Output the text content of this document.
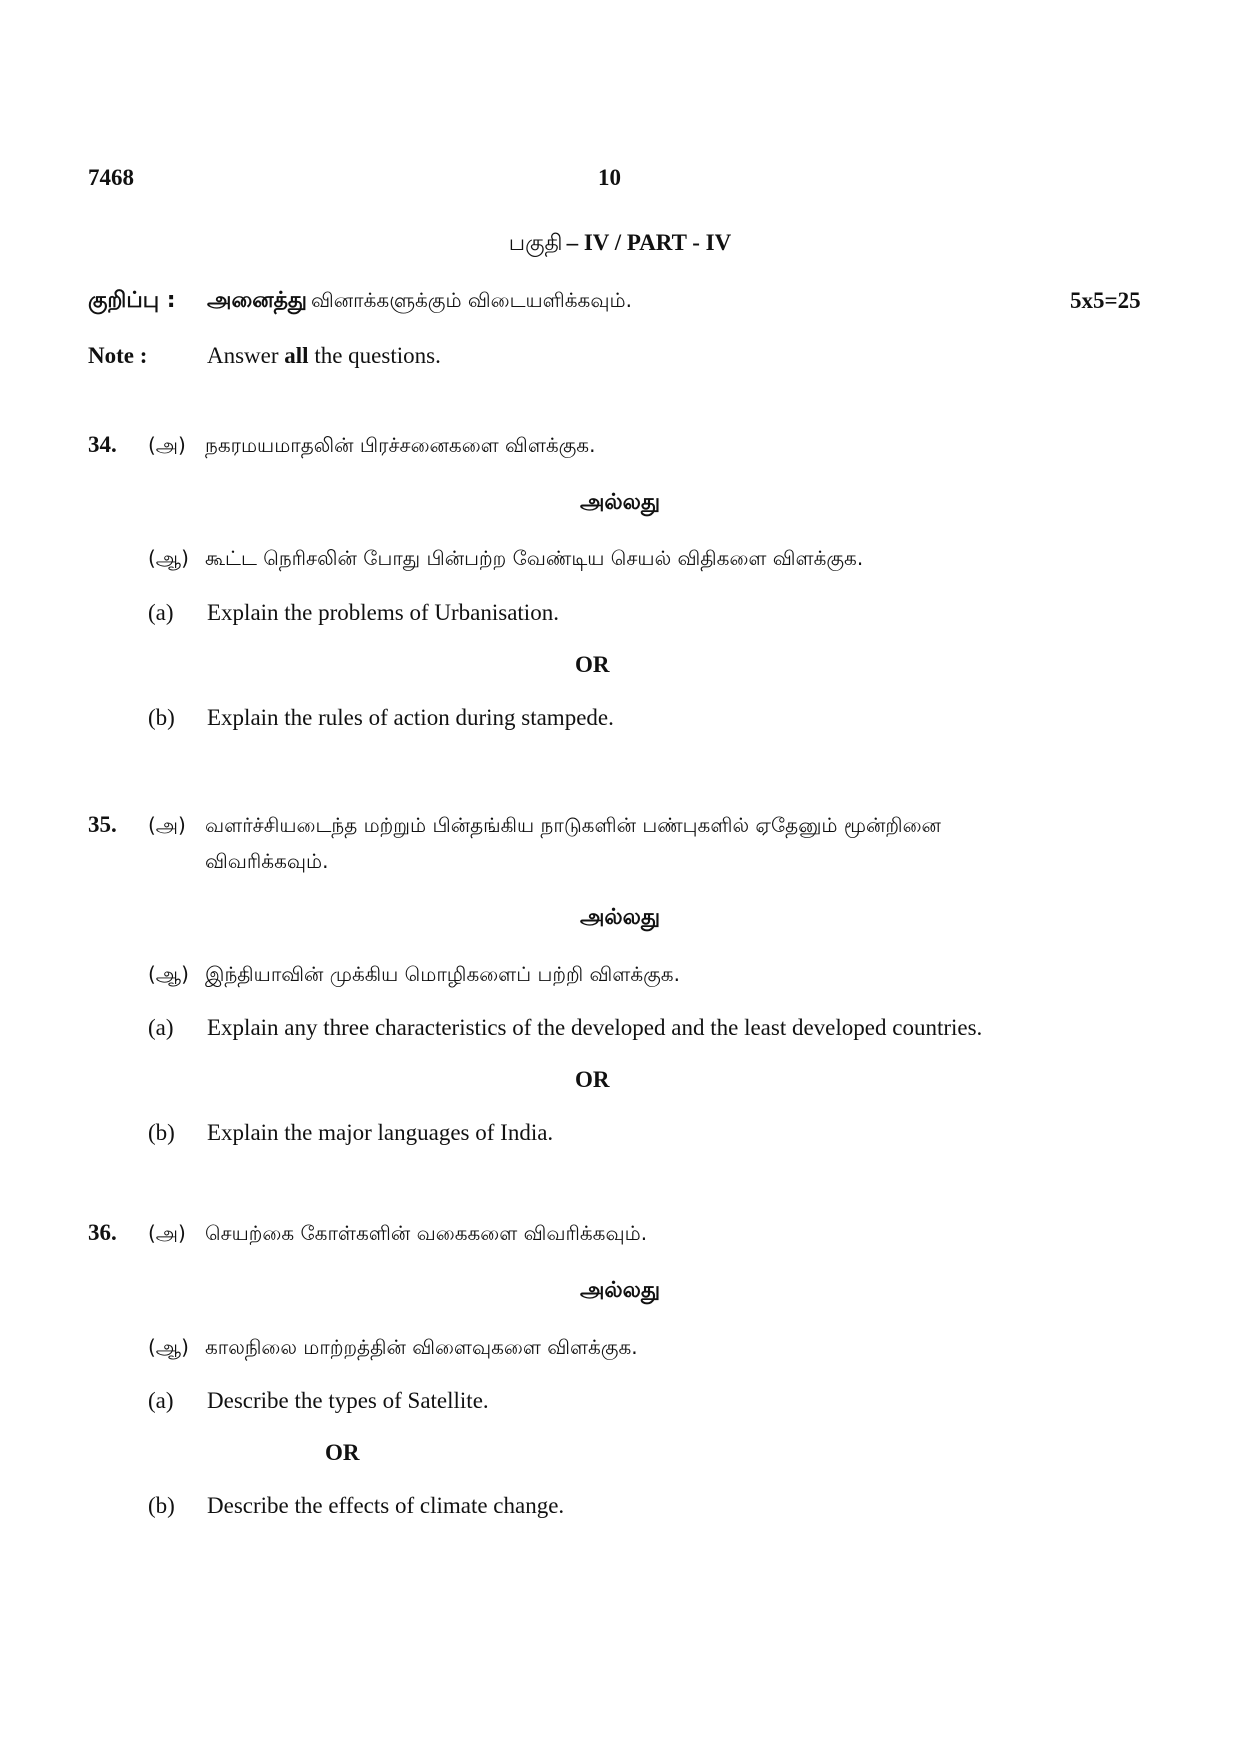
7468	10
பகுதி – IV / PART - IV
குறிப்பு : அனைத்து வினாக்களுக்கும் விடையளிக்கவும்.	5x5=25
Note :	Answer all the questions.
34. (அ) நகரமயமாதலின் பிரச்சனைகளை விளக்குக.
அல்லது
(ஆ) கூட்ட நெரிசலின் போது பின்பற்ற வேண்டிய செயல் விதிகளை விளக்குக.
(a) Explain the problems of Urbanisation.
OR
(b) Explain the rules of action during stampede.
35. (அ) வளர்ச்சியடைந்த மற்றும் பின்தங்கிய நாடுகளின் பண்புகளில் ஏதேனும் மூன்றினை
விவரிக்கவும்.
அல்லது
(ஆ) இந்தியாவின் முக்கிய மொழிகளைப் பற்றி விளக்குக.
(a) Explain any three characteristics of the developed and the least developed countries.
OR
(b) Explain the major languages of India.
36. (அ) செயற்கை கோள்களின் வகைகளை விவரிக்கவும்.
அல்லது
(ஆ) காலநிலை மாற்றத்தின் விளைவுகளை விளக்குக.
(a) Describe the types of Satellite.
OR
(b) Describe the effects of climate change.
